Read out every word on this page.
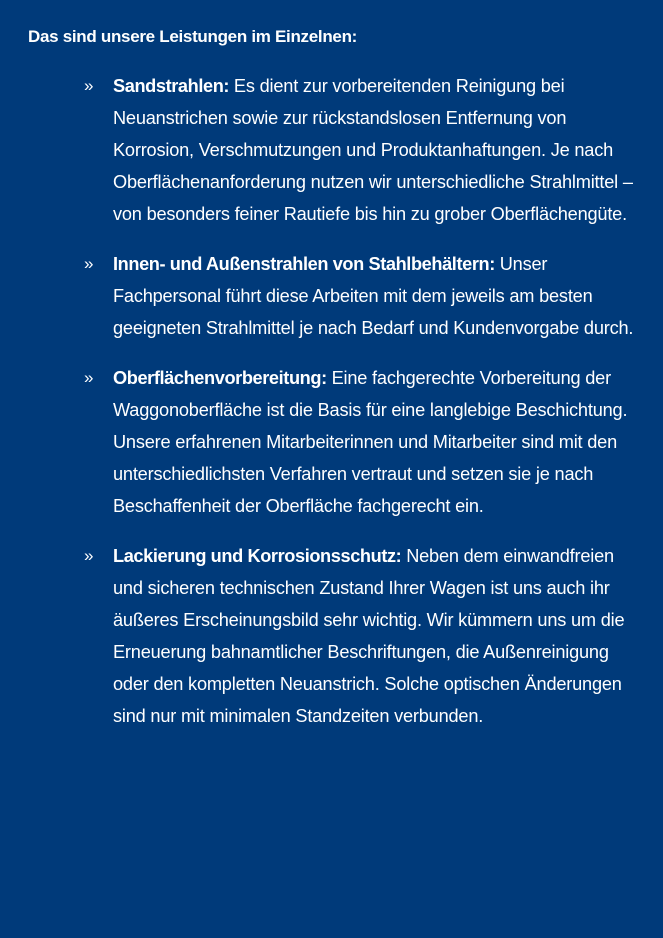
Das sind unsere Leistungen im Einzelnen:
» Sandstrahlen: Es dient zur vorbereitenden Reinigung bei Neuanstrichen sowie zur rückstandslosen Entfernung von Korrosion, Verschmutzungen und Produktanhaftungen. Je nach Oberflächenanforderung nutzen wir unterschiedliche Strahlmittel – von besonders feiner Rautiefe bis hin zu grober Oberflächengüte.
» Innen- und Außenstrahlen von Stahlbehältern: Unser Fachpersonal führt diese Arbeiten mit dem jeweils am besten geeigneten Strahlmittel je nach Bedarf und Kundenvorgabe durch.
» Oberflächenvorbereitung: Eine fachgerechte Vorbereitung der Waggonoberfläche ist die Basis für eine langlebige Beschichtung. Unsere erfahrenen Mitarbeiterinnen und Mitarbeiter sind mit den unterschiedlichsten Verfahren vertraut und setzen sie je nach Beschaffenheit der Oberfläche fachgerecht ein.
» Lackierung und Korrosionsschutz: Neben dem einwandfreien und sicheren technischen Zustand Ihrer Wagen ist uns auch ihr äußeres Erscheinungsbild sehr wichtig. Wir kümmern uns um die Erneuerung bahnamtlicher Beschriftungen, die Außenreinigung oder den kompletten Neuanstrich. Solche optischen Änderungen sind nur mit minimalen Standzeiten verbunden.
